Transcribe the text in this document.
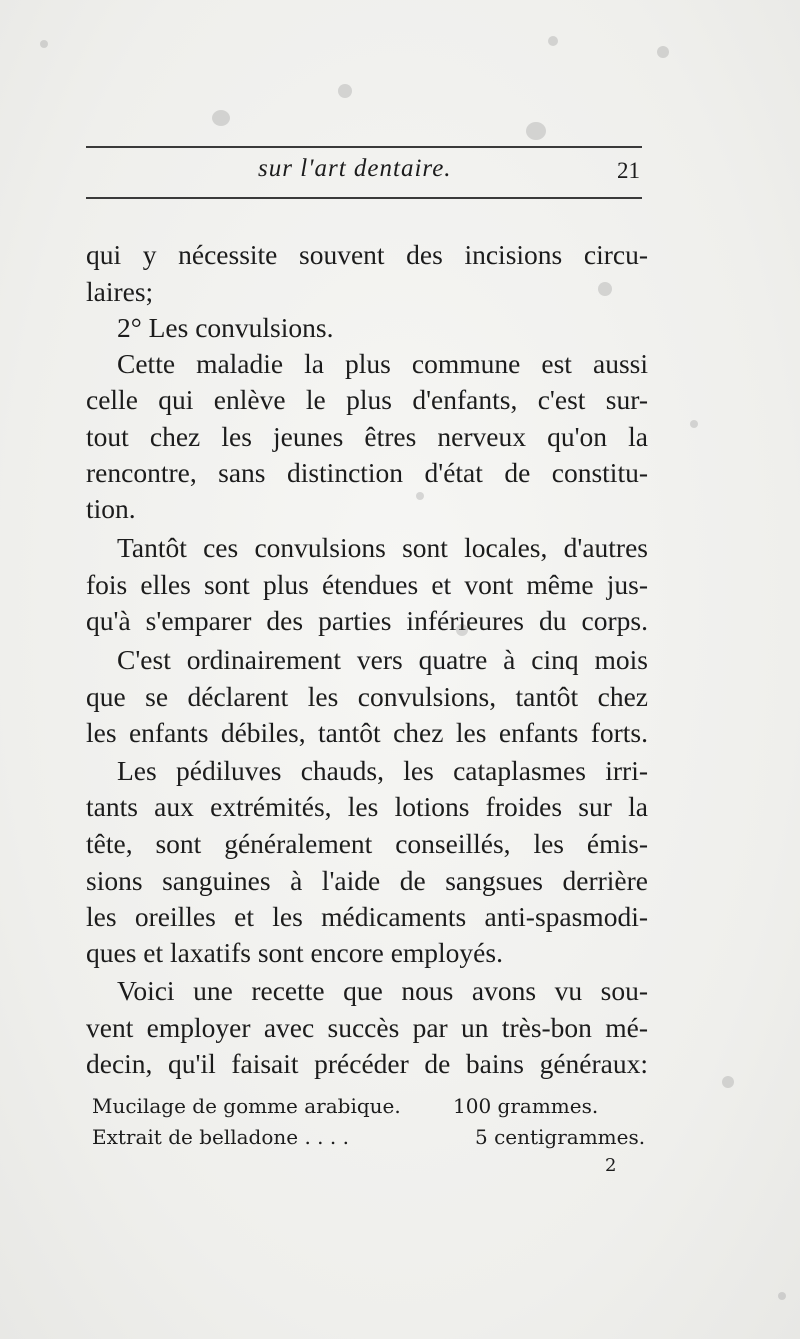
sur l'art dentaire.	21
qui y nécessite souvent des incisions circu-
laires;
2° Les convulsions.
Cette maladie la plus commune est aussi
celle qui enlève le plus d'enfants, c'est sur-
tout chez les jeunes êtres nerveux qu'on la
rencontre, sans distinction d'état de constitu-
tion.
Tantôt ces convulsions sont locales, d'autres
fois elles sont plus étendues et vont même jus-
qu'à s'emparer des parties inférieures du corps.
C'est ordinairement vers quatre à cinq mois
que se déclarent les convulsions, tantôt chez
les enfants débiles, tantôt chez les enfants forts.
Les pédiluves chauds, les cataplasmes irri-
tants aux extrémités, les lotions froides sur la
tête, sont généralement conseillés, les émis-
sions sanguines à l'aide de sangsues derrière
les oreilles et les médicaments anti-spasmodi-
ques et laxatifs sont encore employés.
Voici une recette que nous avons vu sou-
vent employer avec succès par un très-bon mé-
decin, qu'il faisait précéder de bains généraux:
Mucilage de gomme arabique.	100 grammes.
Extrait de belladone . . . .	5 centigrammes.
2
